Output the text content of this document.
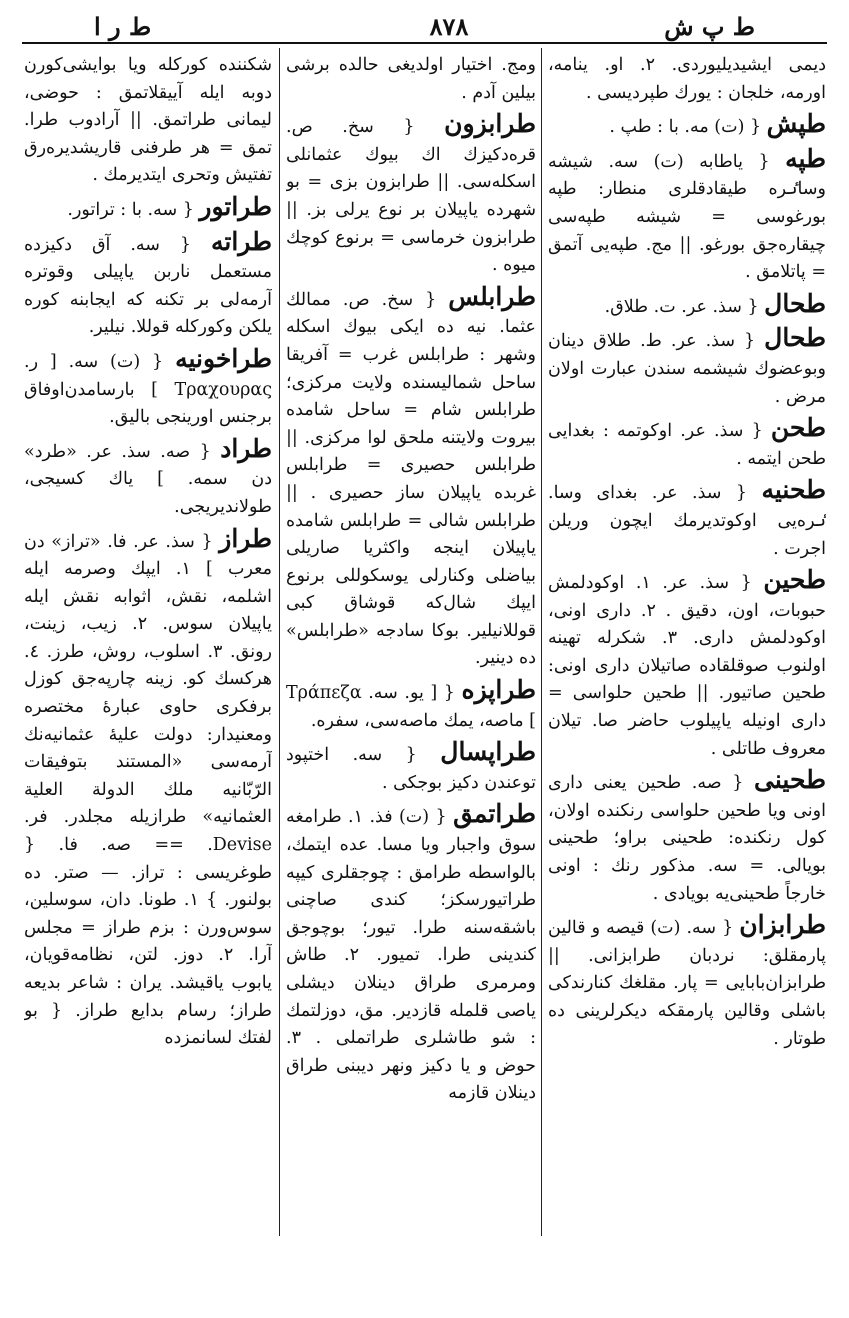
ط ر ا	۸۷۸	ط پ ش

دیمی ایشیدیلیوردی. ۲. او. ینامه، اورمه، خلجان : یورك طپردیسی .

طپش { (ت) مه. با : طپ .

طپه { یاطابه (ت) سه. شیشه وساٸره طیقادقلری منطار: طپه بورغوسی = شیشه طپه‌سی چیقاره‌جق بورغو. || مج. طپه‌یی آتمق = پاتلامق .

طحال { سذ. عر. ت. طلاق.

طحال { سذ. عر. ط. طلاق دینان وبوعضوك شیشمه سندن عبارت اولان مرض .

طحن { سذ. عر. اوکوتمه : بغدایی طحن ایتمه .

طحنیه { سذ. عر. بغدای وسا. ٸره‌یی اوکوتدیرمك ایچون وریلن اجرت .

طحین { سذ. عر. ۱. اوکودلمش حبوبات، اون، دقیق . ۲. داری اونی، اوکودلمش داری. ۳. شکرله تهینه اولنوب صوقلقاده صاتیلان داری اونی: طحین صاتیور. || طحین حلواسی = داری اونیله یاپیلوب حاضر صا. تیلان معروف طاتلی .

طحینی { صه. طحین یعنی داری اونی ویا طحین حلواسی رنکنده اولان، کول رنکنده: طحینی براو؛ طحینی بویالی. = سه. مذکور رنك : اونی خارجاً طحینی‌یه بویادی .

طرابزان { سه. (ت) قیصه و قالین پارمقلق: نردبان طرابزانی. ||طرابزان‌بابایی = پار. مقلغك کنارندکی باشلی وقالین پارمقکه دیکرلرینی ده طوتار .

ومج. اختیار اولدیغی حالده برشی بیلین آدم .

طرابزون { سخ. ص. قره‌دکیزك اك بیوك عثمانلی اسکله‌سی. || طرابزون بزی = بو شهرده یاپیلان بر نوع یرلی بز. || طرابزون خرماسی = برنوع کوچك میوه .

طرابلس { سخ. ص. ممالك عثما. نیه ده ایکی بیوك اسکله وشهر : طرابلس غرب = آفریقا ساحل شمالیسنده ولایت مرکزی؛ طرابلس شام = ساحل شامده بیروت ولایتنه ملحق لوا مرکزی. || طرابلس حصیری = طرابلس غربده یاپیلان ساز حصیری . || طرابلس شالی = طرابلس شامده یاپیلان اینجه واکثریا صاریلی بیاضلی وکنارلی یوسکوللی برنوع ایپك شال‌که قوشاق کبی قوللانیلیر. بوکا سادجه «طرابلس» ده دینیر.

طراپزه { [ یو. سه. Τράπεζα ] ماصه، یمك ماصه‌سی، سفره.

طراپسال { سه. اختپود توعندن دکیز بوجکی .

طراتمق { (ت) فذ. ۱. طرامغه سوق واجبار ویا مسا. عده ایتمك، بالواسطه طرامق : چوجقلری کیپه طراتیورسکز؛ کندی صاچنی باشقه‌سنه طرا. تیور؛ بوچوجق کندینی طرا. تمیور. ۲. طاش ومرمری طراق دینلان دیشلی یاصی قلمله قازدیر. مق، دوزلتمك : شو طاشلری طراتملی . ۳. حوض و یا دکیز ونهر دیبنی طراق دینلان قازمه

شکننده کورکله ویا بوایشی‌کورن دوبه ایله آییقلاتمق : حوضی، لیمانی طراتمق. || آرادوب طرا. تمق = هر طرفنی قاریشدیره‌رق تفتیش وتحری ایتدیرمك .

طراتور { سه. با : تراتور.

طراته { سه. آق دکیزده مستعمل ناربن یاپیلی وقوتره آرمه‌لی بر تکنه که ایجابنه کوره یلکن وکورکله قوللا. نیلیر.

طراخونیه { (ت) سه. [ ر. Τραχουρας ] بارسامدن‌اوفاق برجنس اورینجی بالیق.

طراد { صه. سذ. عر. «طرد» دن سمه. ] یاك کسیجی، طولاندیریجی.

طراز { سذ. عر. فا. «تراز» دن معرب ] ۱. ایپك وصرمه ایله اشلمه، نقش، اثوابه نقش ایله یاپیلان سوس. ۲. زیب، زینت، رونق. ۳. اسلوب، روش، طرز. ٤. هرکسك کو. زینه چارپه‌جق کوزل برفکری حاوی عبارهٔ مختصره ومعنیدار: دولت علیهٔ عثمانیه‌نك آرمه‌سی «المستند بتوفیقات الرّبّانیه ملك الدولة العلیة العثمانیه» طرازیله مجلدر. فر. Devise. == صه. فا. { طوغریسی : تراز. — صتر. ده بولنور. } ۱. طونا. دان، سوسلین، سوس‌ورن : بزم طراز = مجلس آرا. ۲. دوز. لتن، نظامه‌قویان، یابوب یاقیشد. یران : شاعر بدیعه طراز؛ رسام بدایع طراز. { بو لفتك لسانمزده
